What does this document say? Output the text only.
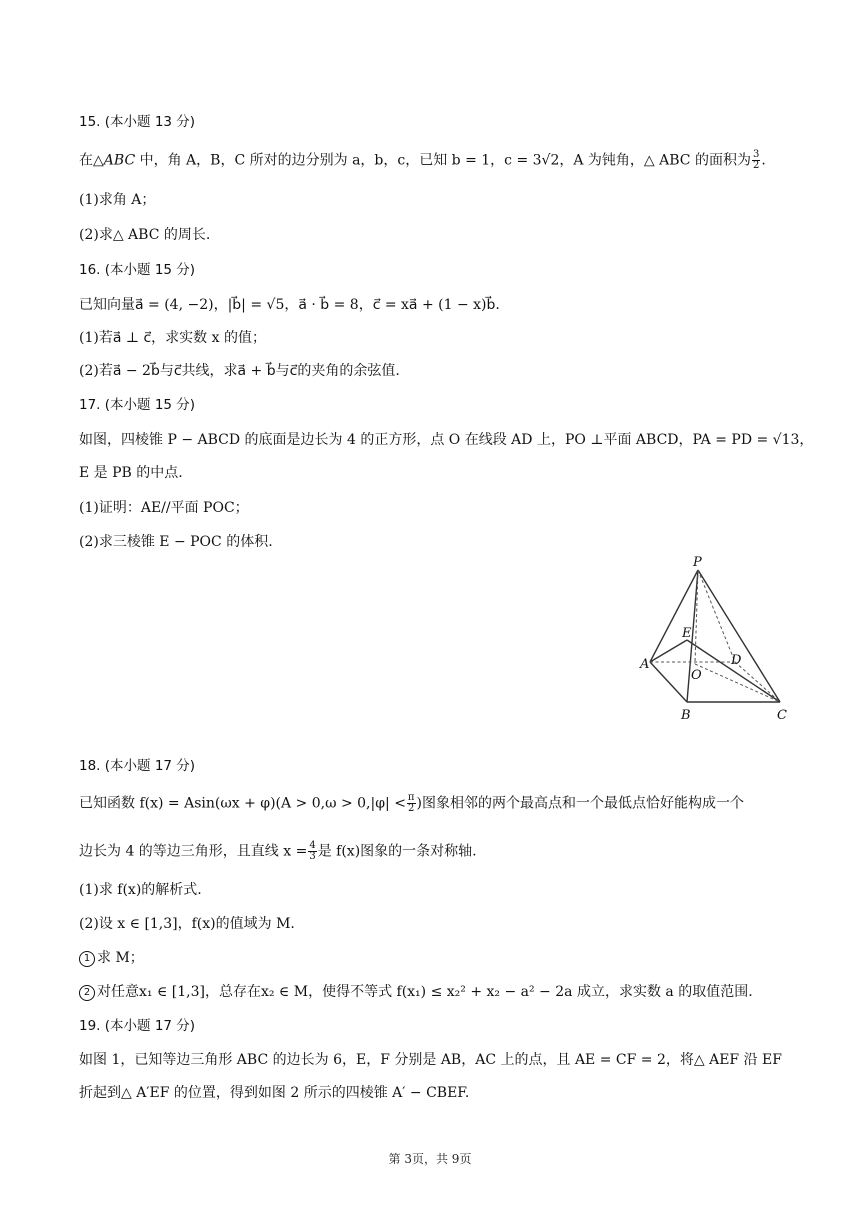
15. (本小题 13 分)
在△ABC 中，角 A，B，C 所对的边分别为 a，b，c，已知 b = 1，c = 3√2，A 为钝角，△ ABC 的面积为 $\frac{3}{2}$ .
(1)求角 A；
(2)求△ ABC 的周长.
16. (本小题 15 分)
已知向量a⃗ = (4, −2)，|b⃗| = √5，a⃗ · b⃗ = 8，c⃗ = xa⃗ + (1 − x)b⃗.
(1)若a⃗ ⊥ c⃗，求实数 x 的值；
(2)若a⃗ − 2b⃗与c⃗共线，求a⃗ + b⃗与c⃗的夹角的余弦值.
17. (本小题 15 分)
如图，四棱锥 P − ABCD 的底面是边长为 4 的正方形，点 O 在线段 AD 上，PO ⊥平面 ABCD，PA = PD = √13，
E 是 PB 的中点.
(1)证明：AE//平面 POC；
(2)求三棱锥 E − POC 的体积.
P
E
A
O
D
B	C
18. (本小题 17 分)
已知函数 $f(x) = Asin(\omega x + \varphi)(A > 0,\omega > 0,|\varphi| < \frac{\pi}{2}$ )图象相邻的两个最高点和一个最低点恰好能构成一个
边长为 4 的等边三角形，且直线 $x = \frac{4}{3}$ 是 f(x)图象的一条对称轴.
(1)求 f(x)的解析式.
(2)设 x ∈ [1,3]，f(x)的值域为 M.
1 求 M；
2 对任意x₁ ∈ [1,3]，总存在x₂ ∈ M，使得不等式 f(x₁) ≤ x₂² + x₂ − a² − 2a 成立，求实数 a 的取值范围.
19. (本小题 17 分)
如图 1，已知等边三角形 ABC 的边长为 6，E，F 分别是 AB，AC 上的点，且 AE = CF = 2，将△ AEF 沿 EF
折起到△ A′EF 的位置，得到如图 2 所示的四棱锥 A′ − CBEF.
第 3页，共 9页
